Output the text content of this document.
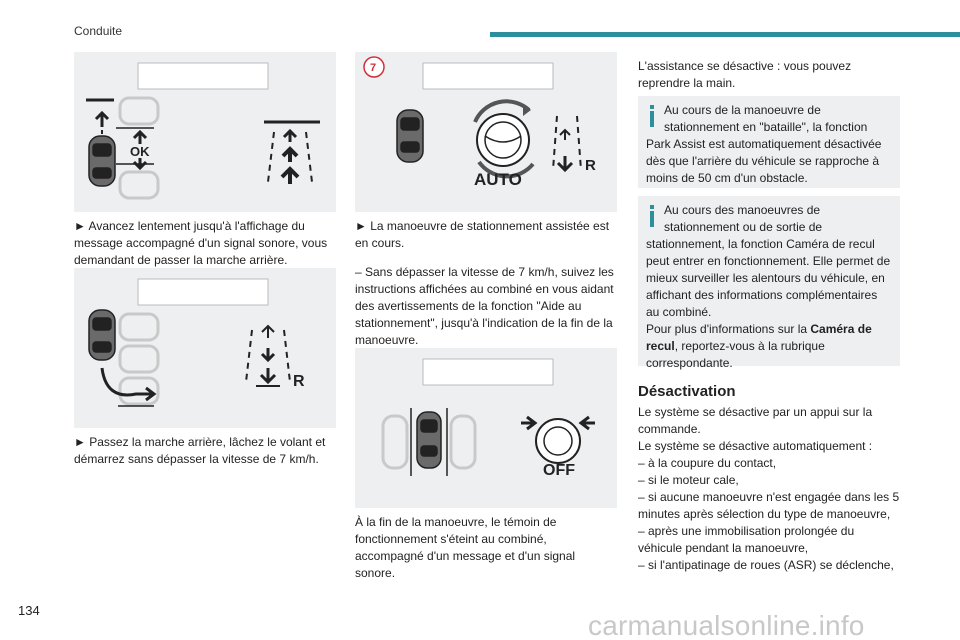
Conduite
OK
► Avancez lentement jusqu'à l'affichage du message accompagné d'un signal sonore, vous demandant de passer la marche arrière.
R
► Passez la marche arrière, lâchez le volant et démarrez sans dépasser la vitesse de 7 km/h.
7
AUTO
R
► La manoeuvre de stationnement assistée est en cours.
– Sans dépasser la vitesse de 7 km/h, suivez les instructions affichées au combiné en vous aidant des avertissements de la fonction "Aide au stationnement", jusqu'à l'indication de la fin de la manoeuvre.
OFF
À la fin de la manoeuvre, le témoin de fonctionnement s'éteint au combiné, accompagné d'un message et d'un signal sonore.
L'assistance se désactive : vous pouvez reprendre la main.
Au cours de la manoeuvre de stationnement en "bataille", la fonction
Park Assist est automatiquement désactivée dès que l'arrière du véhicule se rapproche à moins de 50 cm d'un obstacle.
Au cours des manoeuvres de stationnement ou de sortie de
stationnement, la fonction Caméra de recul peut entrer en fonctionnement. Elle permet de mieux surveiller les alentours du véhicule, en affichant des informations complémentaires au combiné.
Pour plus d'informations sur la Caméra de recul, reportez-vous à la rubrique correspondante.
Désactivation
Le système se désactive par un appui sur la commande.
Le système se désactive automatiquement :
– à la coupure du contact,
– si le moteur cale,
– si aucune manoeuvre n'est engagée dans les 5 minutes après sélection du type de manoeuvre,
– après une immobilisation prolongée du véhicule pendant la manoeuvre,
– si l'antipatinage de roues (ASR) se déclenche,
134	carmanualsonline.info
